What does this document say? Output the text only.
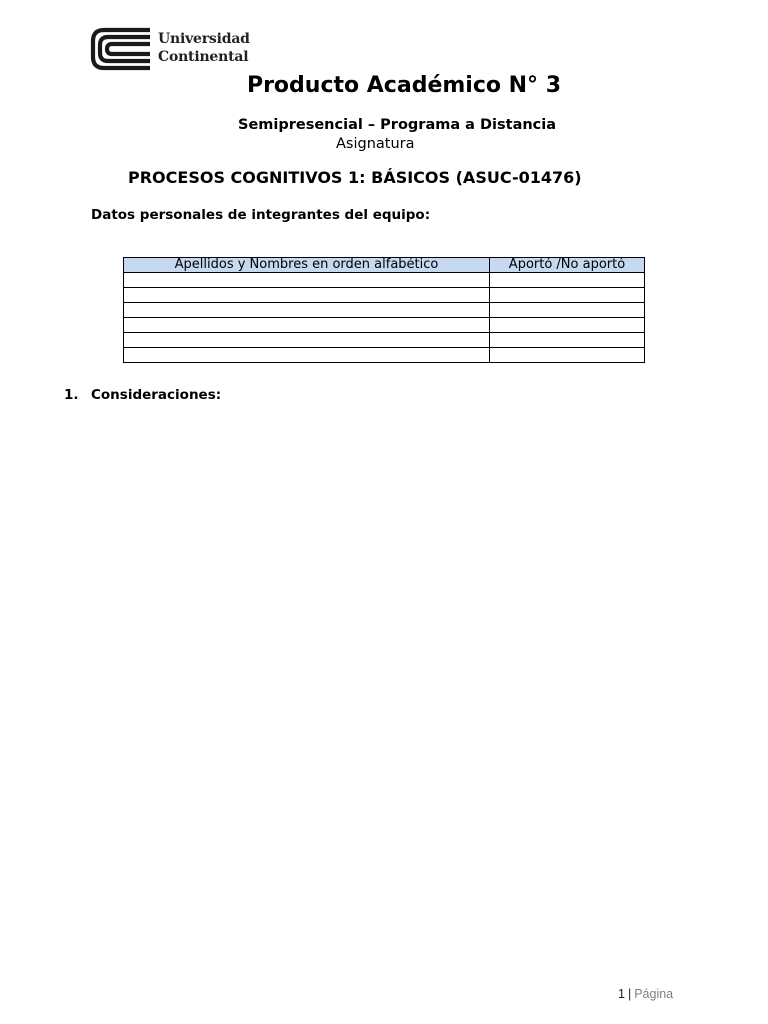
Universidad
Continental
Producto Académico N° 3
Semipresencial – Programa a Distancia
Asignatura
PROCESOS COGNITIVOS 1: BÁSICOS (ASUC-01476)
Datos personales de integrantes del equipo:
Apellidos y Nombres en orden alfabético	Aportó /No aportó

1. Consideraciones:
1 | Página
